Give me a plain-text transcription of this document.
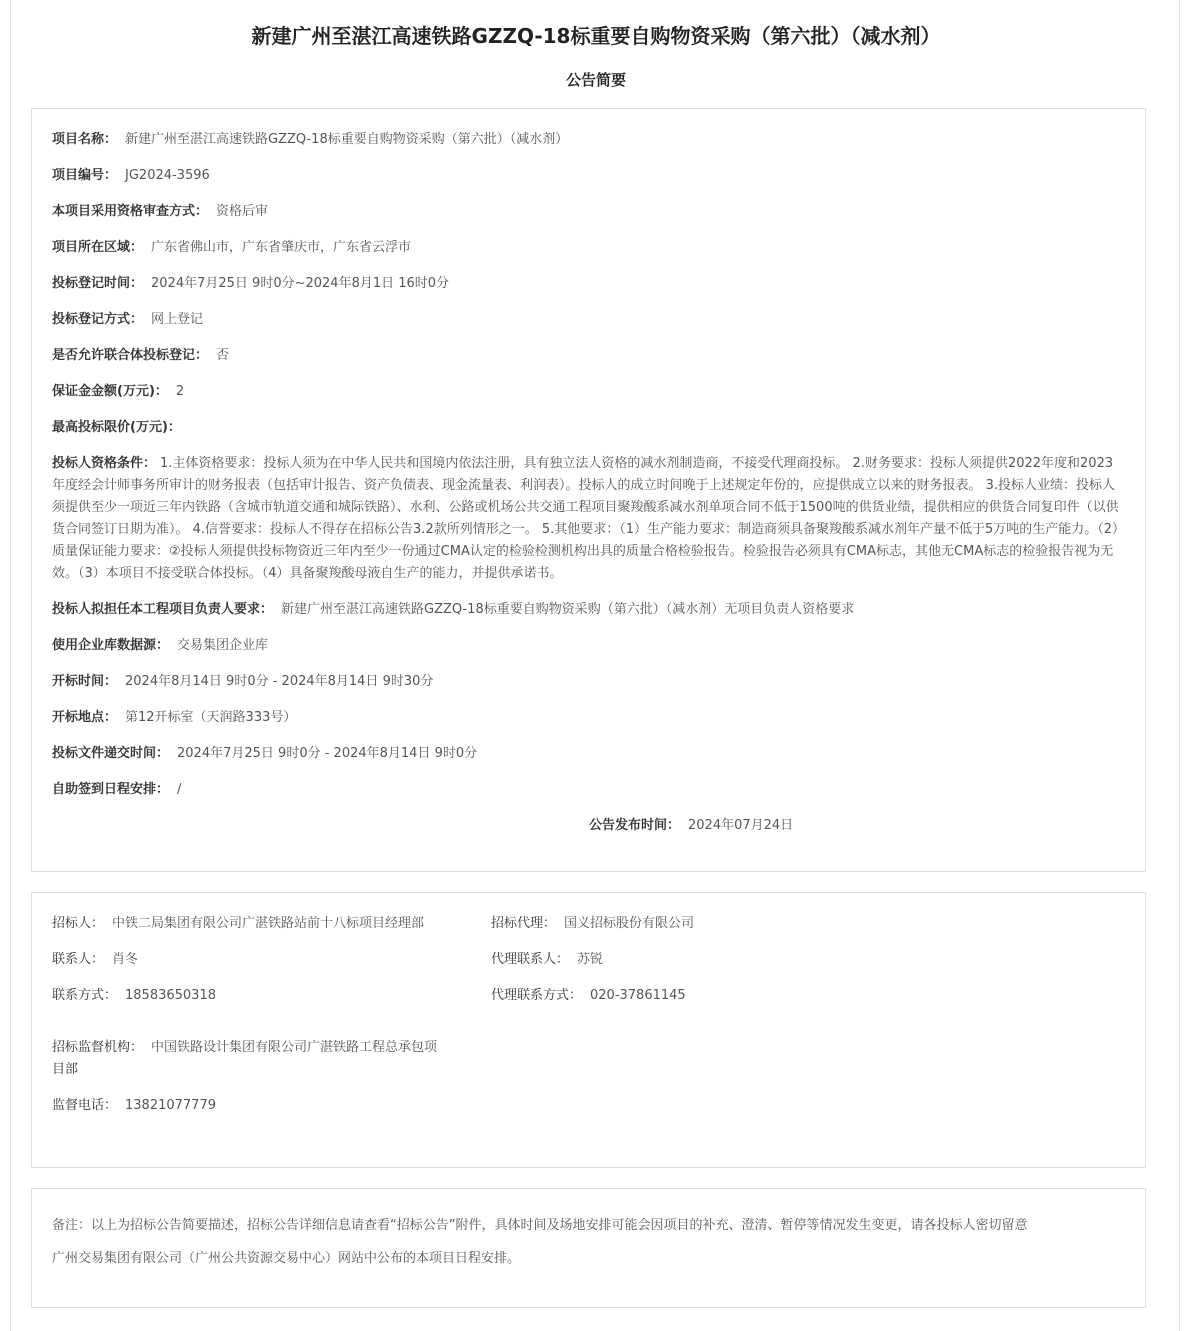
新建广州至湛江高速铁路GZZQ-18标重要自购物资采购（第六批）（减水剂）
公告简要
项目名称： 新建广州至湛江高速铁路GZZQ-18标重要自购物资采购（第六批）（减水剂）
项目编号： JG2024-3596
本项目采用资格审查方式： 资格后审
项目所在区域： 广东省佛山市，广东省肇庆市，广东省云浮市
投标登记时间： 2024年7月25日 9时0分~2024年8月1日 16时0分
投标登记方式： 网上登记
是否允许联合体投标登记： 否
保证金金额(万元)： 2
最高投标限价(万元)：
投标人资格条件： 1.主体资格要求：投标人须为在中华人民共和国境内依法注册，具有独立法人资格的减水剂制造商，不接受代理商投标。 2.财务要求：投标人须提供2022年度和2023年度经会计师事务所审计的财务报表（包括审计报告、资产负债表、现金流量表、利润表）。投标人的成立时间晚于上述规定年份的，应提供成立以来的财务报表。 3.投标人业绩：投标人须提供至少一项近三年内铁路（含城市轨道交通和城际铁路）、水利、公路或机场公共交通工程项目聚羧酸系减水剂单项合同不低于1500吨的供货业绩，提供相应的供货合同复印件（以供货合同签订日期为准）。 4.信誉要求：投标人不得存在招标公告3.2款所列情形之一。 5.其他要求：（1）生产能力要求：制造商须具备聚羧酸系减水剂年产量不低于5万吨的生产能力。（2）质量保证能力要求：②投标人须提供投标物资近三年内至少一份通过CMA认定的检验检测机构出具的质量合格检验报告。检验报告必须具有CMA标志，其他无CMA标志的检验报告视为无效。（3）本项目不接受联合体投标。（4）具备聚羧酸母液自生产的能力，并提供承诺书。
投标人拟担任本工程项目负责人要求： 新建广州至湛江高速铁路GZZQ-18标重要自购物资采购（第六批）（减水剂）无项目负责人资格要求
使用企业库数据源： 交易集团企业库
开标时间： 2024年8月14日 9时0分 - 2024年8月14日 9时30分
开标地点： 第12开标室（天润路333号）
投标文件递交时间： 2024年7月25日 9时0分 - 2024年8月14日 9时0分
自助签到日程安排： /
公告发布时间： 2024年07月24日
招标人： 中铁二局集团有限公司广湛铁路站前十八标项目经理部	招标代理： 国义招标股份有限公司
联系人： 肖冬	代理联系人： 苏锐
联系方式： 18583650318	代理联系方式： 020-37861145
招标监督机构： 中国铁路设计集团有限公司广湛铁路工程总承包项
目部
监督电话： 13821077779
备注：以上为招标公告简要描述，招标公告详细信息请查看“招标公告”附件，具体时间及场地安排可能会因项目的补充、澄清、暂停等情况发生变更，请各投标人密切留意
广州交易集团有限公司（广州公共资源交易中心）网站中公布的本项目日程安排。
